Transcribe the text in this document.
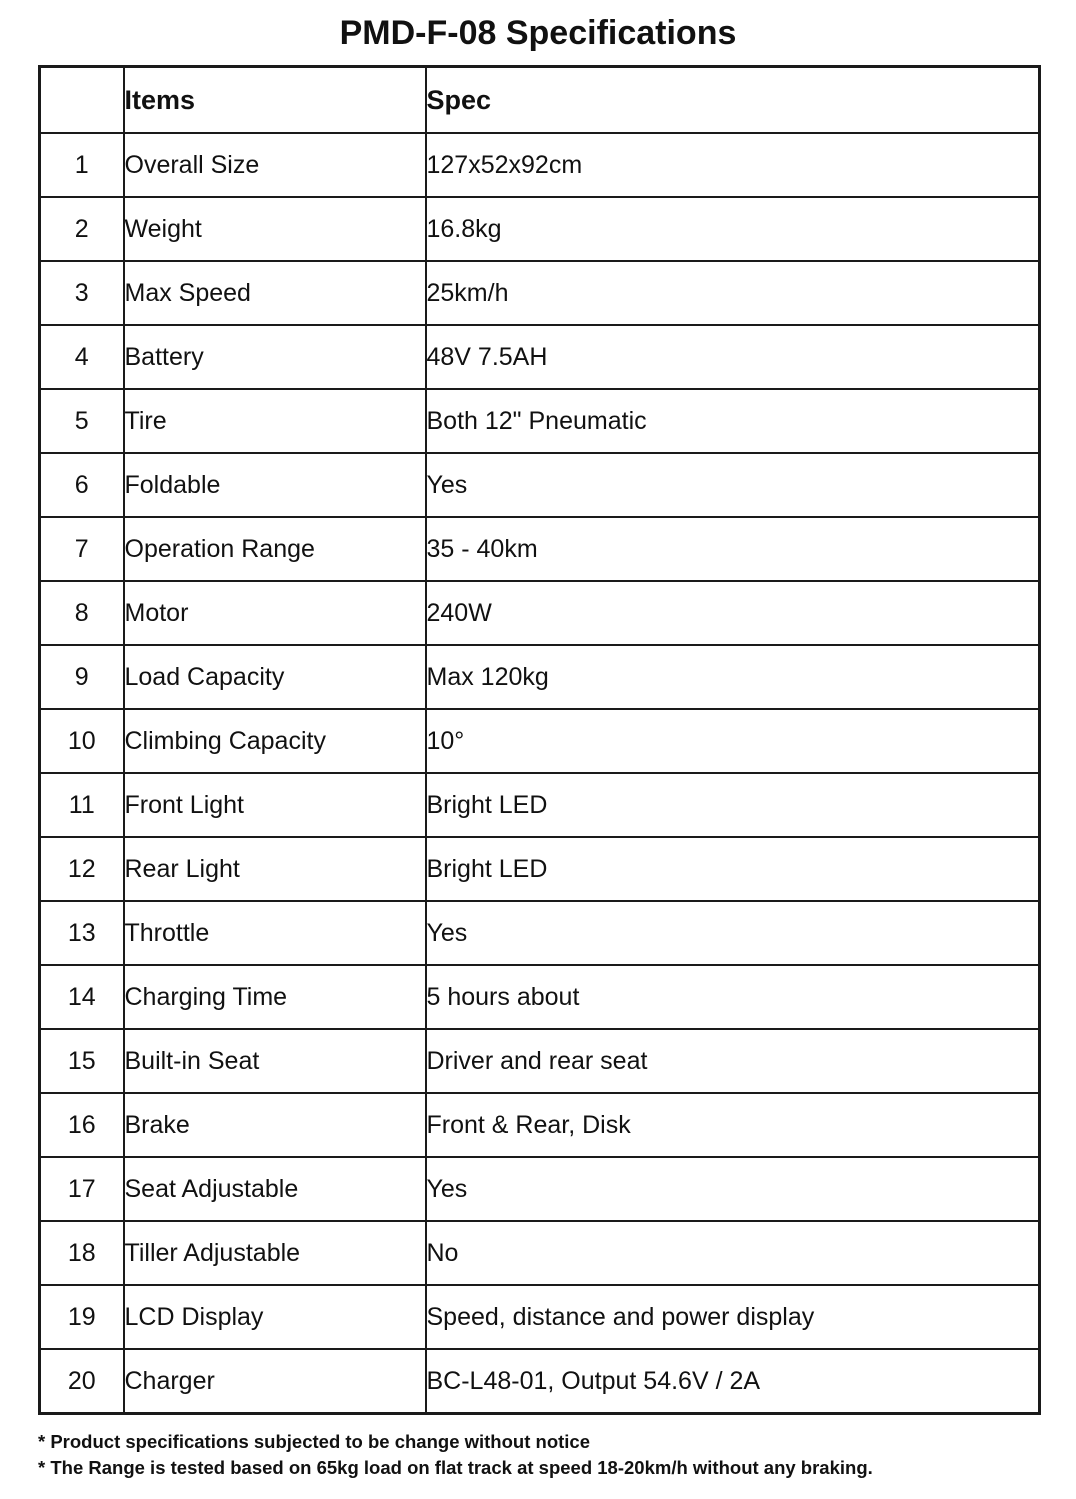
PMD-F-08 Specifications
	Items	Spec
1	Overall Size	127x52x92cm
2	Weight	16.8kg
3	Max Speed	25km/h
4	Battery	48V 7.5AH
5	Tire	Both 12" Pneumatic
6	Foldable	Yes
7	Operation Range	35 - 40km
8	Motor	240W
9	Load Capacity	Max 120kg
10	Climbing Capacity	10°
11	Front Light	Bright LED
12	Rear Light	Bright LED
13	Throttle	Yes
14	Charging Time	5 hours about
15	Built-in Seat	Driver and rear seat
16	Brake	Front & Rear, Disk
17	Seat Adjustable	Yes
18	Tiller Adjustable	No
19	LCD Display	Speed, distance and power display
20	Charger	BC-L48-01, Output 54.6V / 2A
* Product specifications subjected to be change without notice
* The Range is tested based on 65kg load on flat track at speed 18-20km/h without any braking.
